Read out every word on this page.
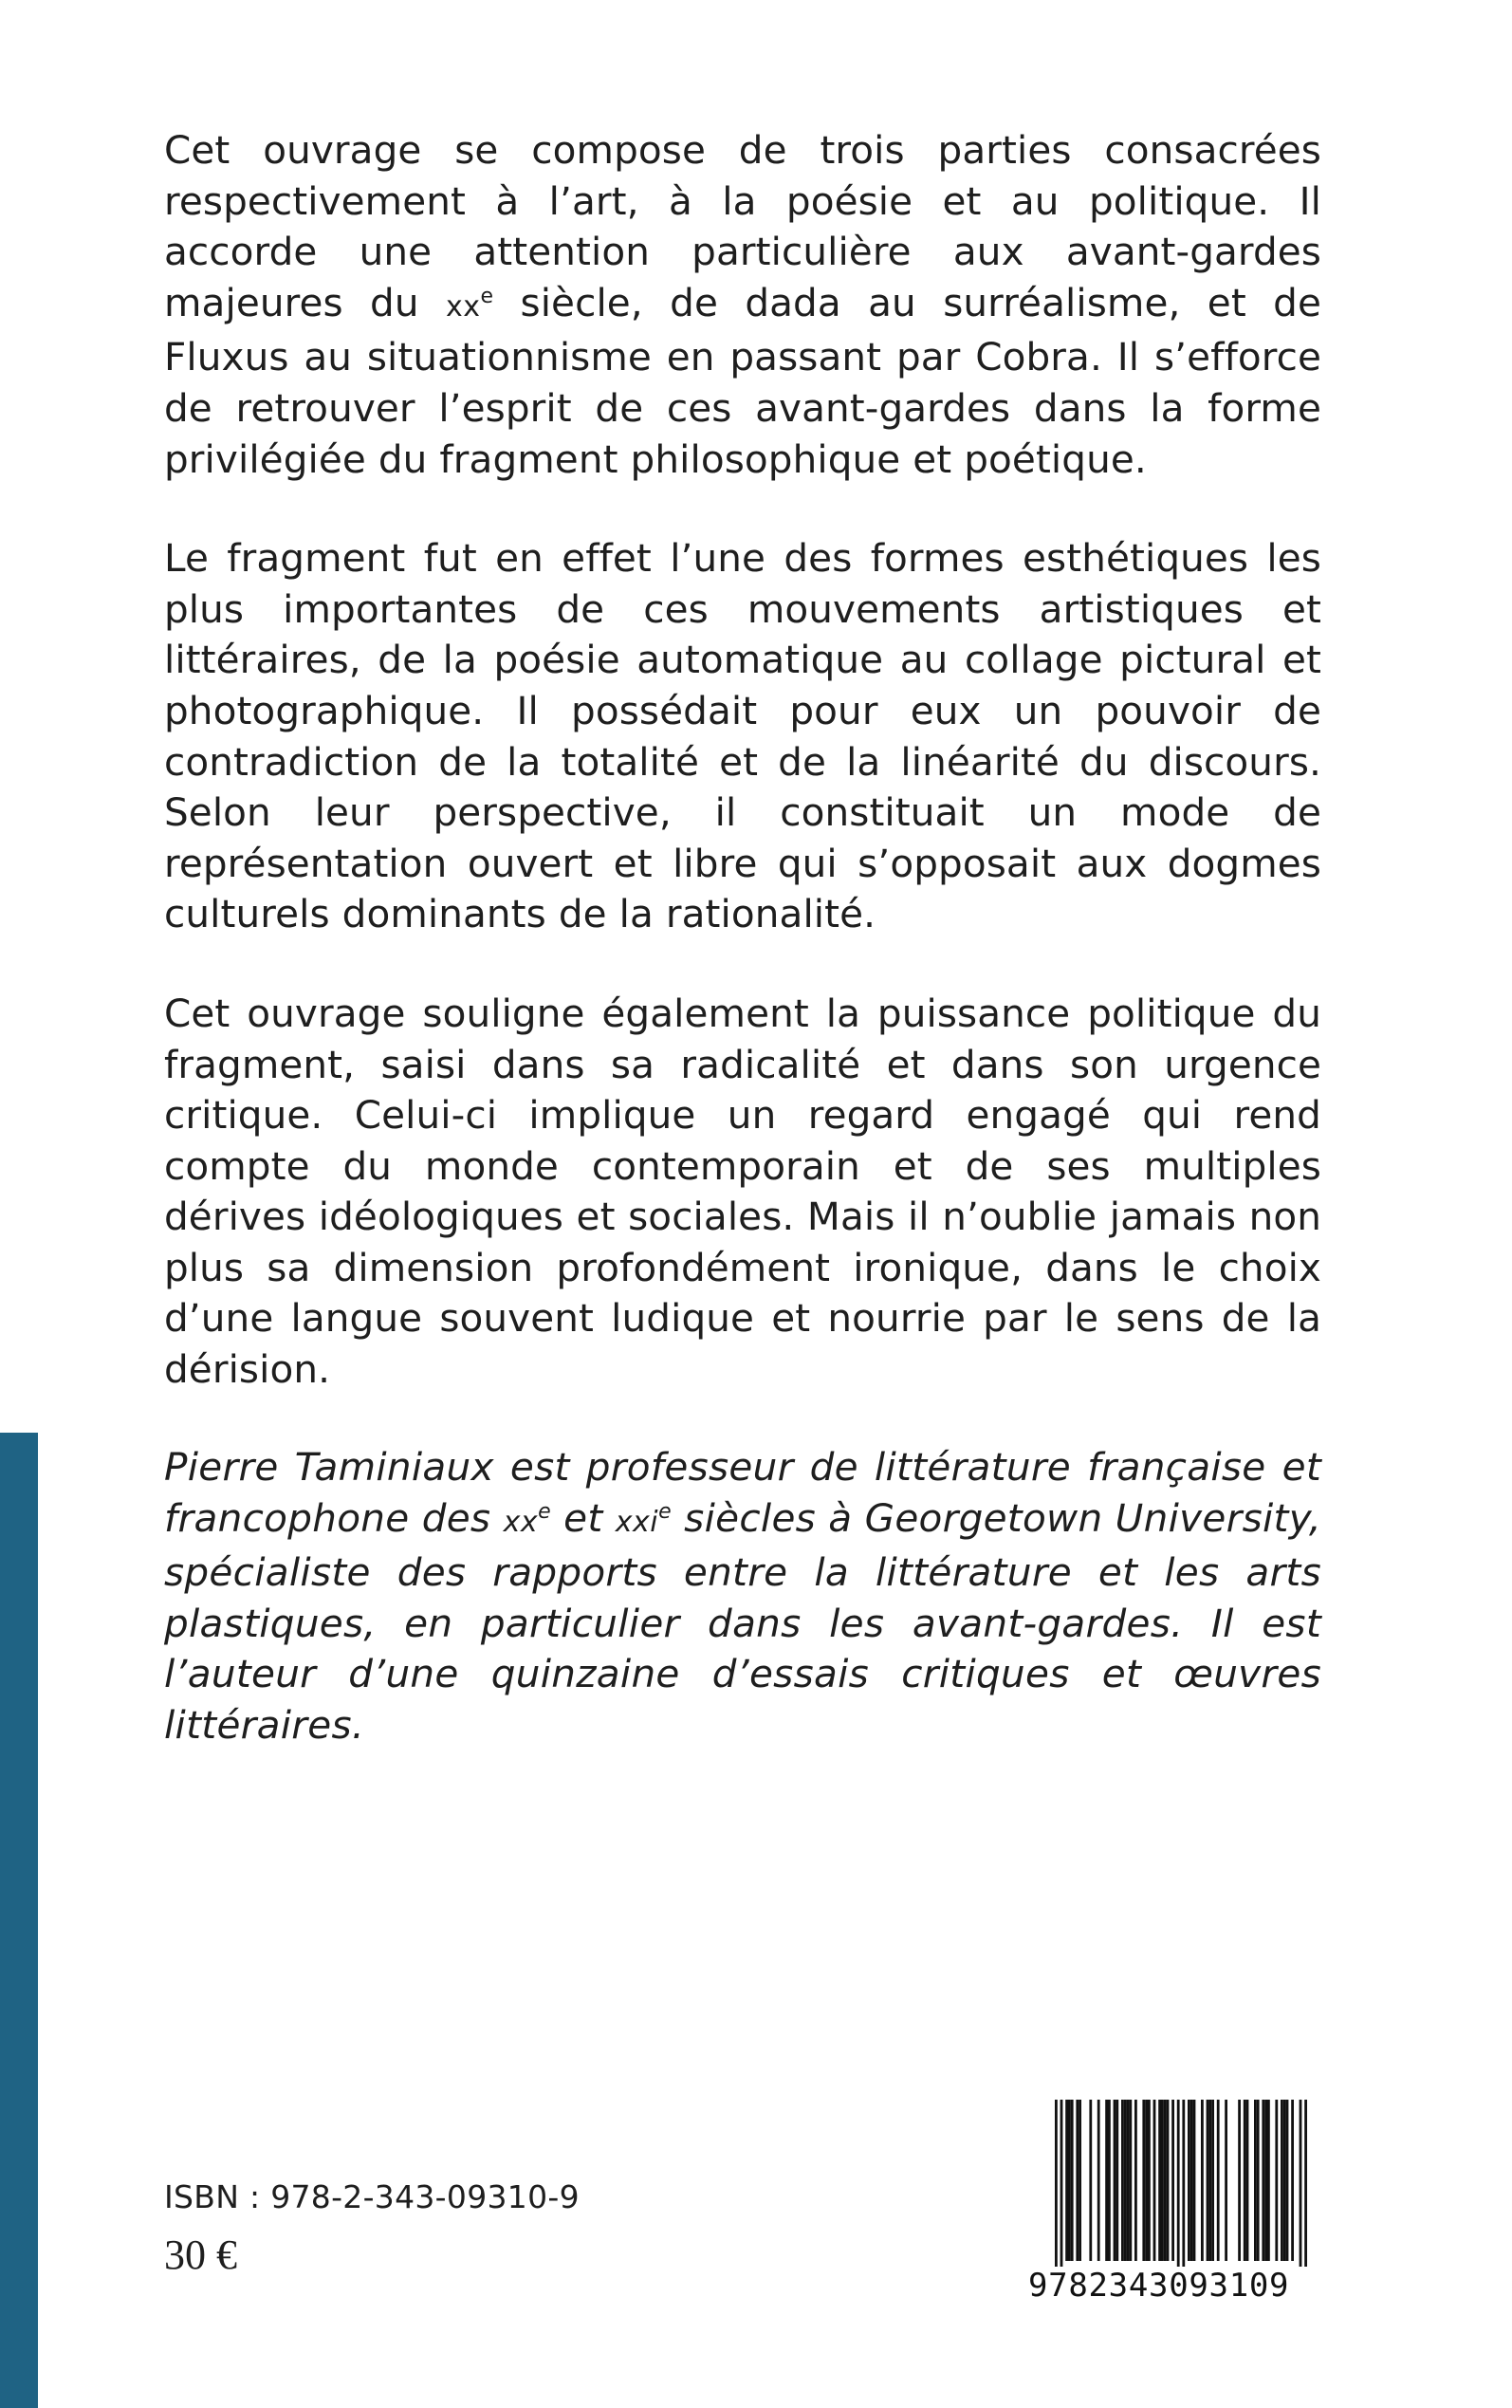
Cet ouvrage se compose de trois parties consacrées respectivement à l’art, à la poésie et au politique. Il accorde une attention particulière aux avant-gardes majeures du $xx^e$ siècle, de dada au surréalisme, et de Fluxus au situationnisme en passant par Cobra. Il s’efforce de retrouver l’esprit de ces avant-gardes dans la forme privilégiée du fragment philosophique et poétique.

Le fragment fut en effet l’une des formes esthétiques les plus importantes de ces mouvements artistiques et littéraires, de la poésie automatique au collage pictural et photographique. Il possédait pour eux un pouvoir de contradiction de la totalité et de la linéarité du discours. Selon leur perspective, il constituait un mode de représentation ouvert et libre qui s’opposait aux dogmes culturels dominants de la rationalité.

Cet ouvrage souligne également la puissance politique du fragment, saisi dans sa radicalité et dans son urgence critique. Celui-ci implique un regard engagé qui rend compte du monde contemporain et de ses multiples dérives idéologiques et sociales. Mais il n’oublie jamais non plus sa dimension profondément ironique, dans le choix d’une langue souvent ludique et nourrie par le sens de la dérision.

Pierre Taminiaux est professeur de littérature française et francophone des $xx^e$ et xxi$^e$ siècles à Georgetown University, spécialiste des rapports entre la littérature et les arts plastiques, en particulier dans les avant-gardes. Il est l’auteur d’une quinzaine d’essais critiques et œuvres littéraires.

ISBN : 978-2-343-09310-9
30 €
9782343093109
